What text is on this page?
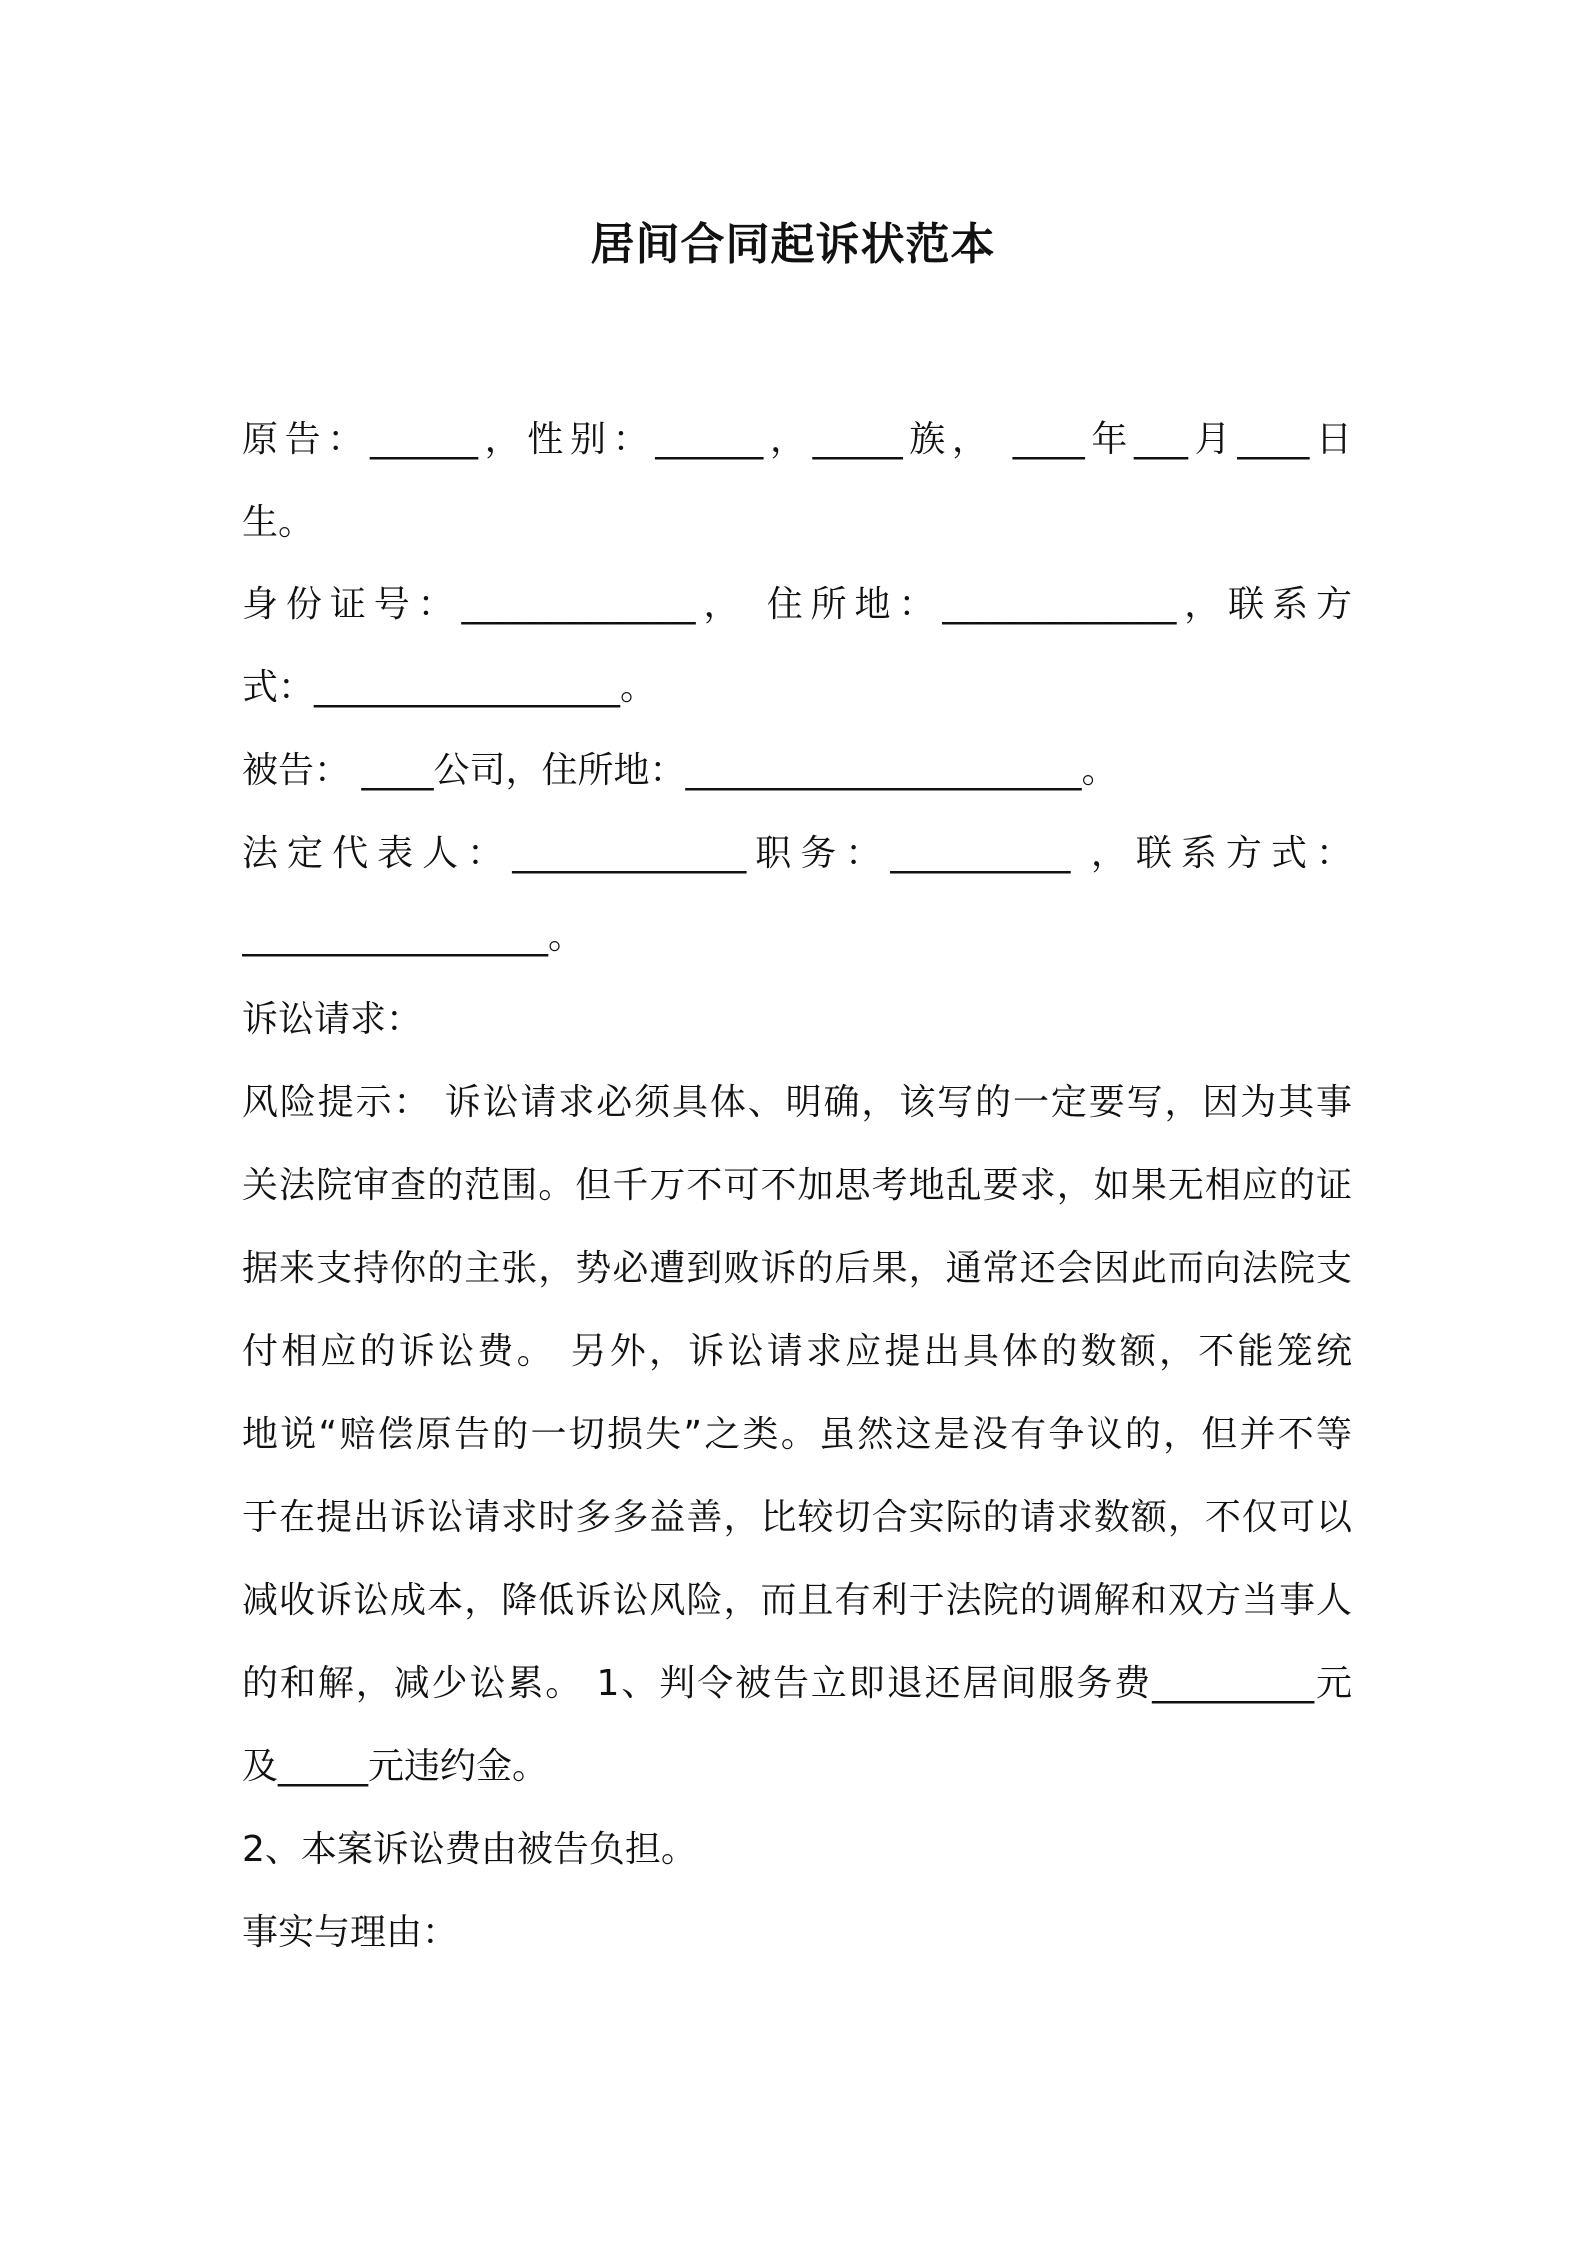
居间合同起诉状范本
原告：______，性别：______，_____族， ____年___月____日
生。
身份证号：_____________， 住所地：_____________，联系方
式：_________________。
被告： ____公司，住所地：______________________。
法定代表人：_____________职务：__________ ，联系方式：
_________________。
诉讼请求：
风险提示： 诉讼请求必须具体、明确，该写的一定要写，因为其事
关法院审查的范围。但千万不可不加思考地乱要求，如果无相应的证
据来支持你的主张，势必遭到败诉的后果，通常还会因此而向法院支
付相应的诉讼费。 另外，诉讼请求应提出具体的数额，不能笼统
地说“赔偿原告的一切损失”之类。虽然这是没有争议的，但并不等
于在提出诉讼请求时多多益善，比较切合实际的请求数额，不仅可以
减收诉讼成本，降低诉讼风险，而且有利于法院的调解和双方当事人
的和解，减少讼累。 1、判令被告立即退还居间服务费_________元
及_____元违约金。
2、本案诉讼费由被告负担。
事实与理由：
